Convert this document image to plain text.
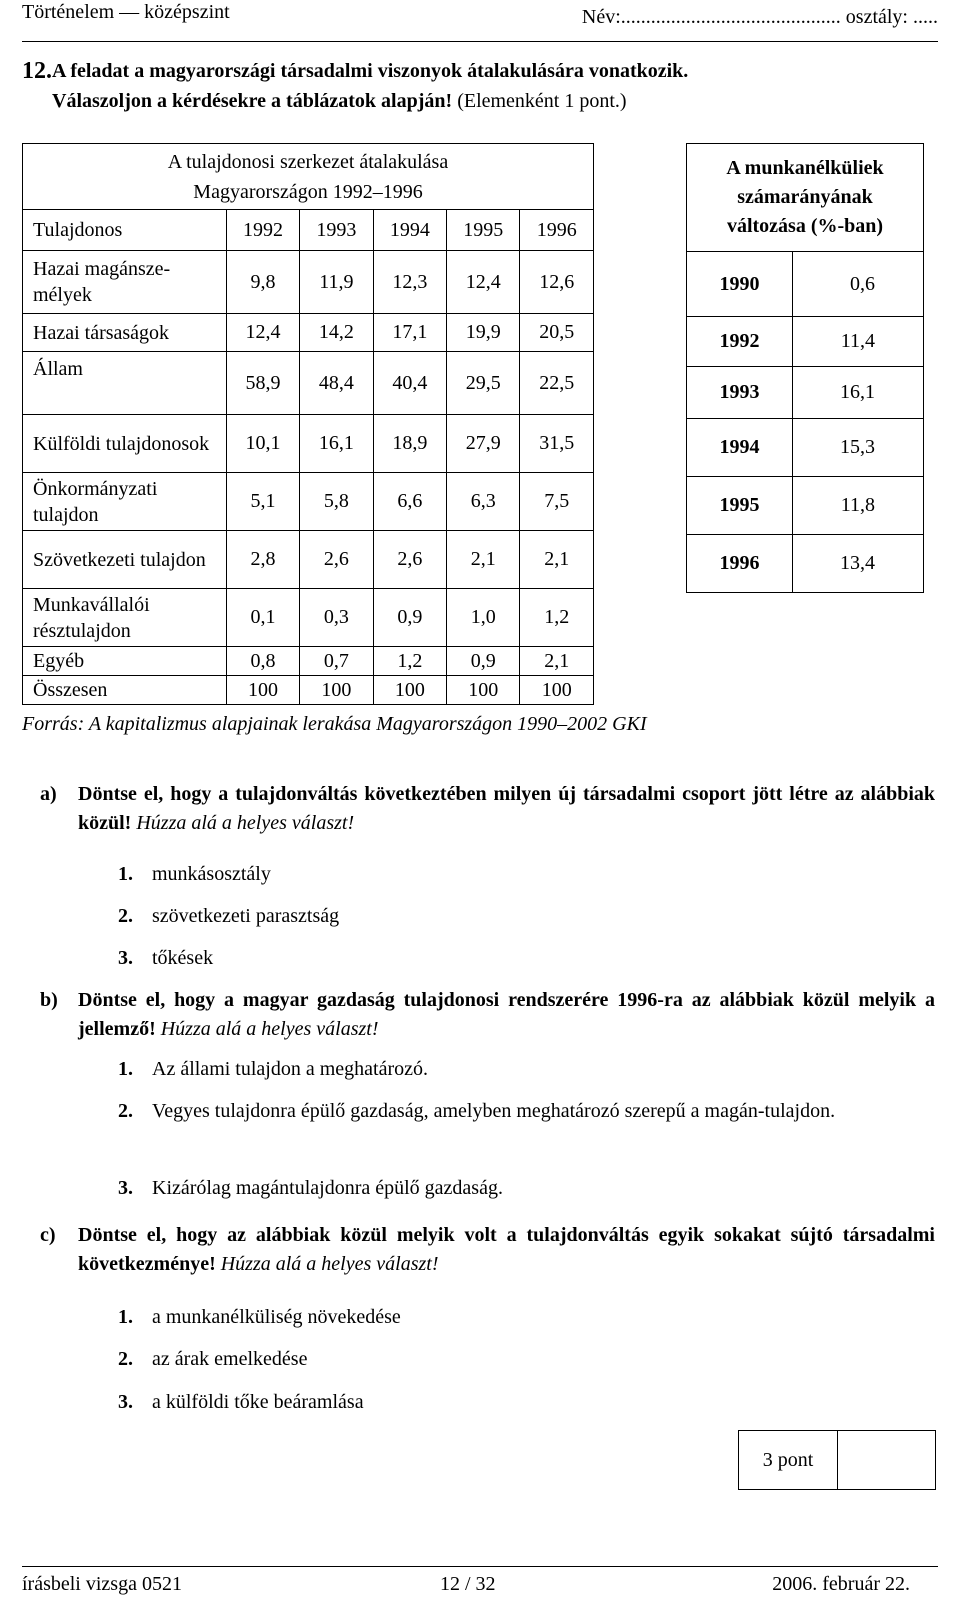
Történelem — középszint	Név:............................................ osztály: .....
12. A feladat a magyarországi társadalmi viszonyok átalakulására vonatkozik.
Válaszoljon a kérdésekre a táblázatok alapján! (Elemenként 1 pont.)
A tulajdonosi szerkezet átalakulása
Magyarországon 1992–1996					

Tulajdonos	1992	1993	1994	1995	1996
Hazai magánsze-mélyek	9,8	11,9	12,3	12,4	12,6
Hazai társaságok	12,4	14,2	17,1	19,9	20,5
Állam	58,9	48,4	40,4	29,5	22,5
Külföldi tulajdonosok	10,1	16,1	18,9	27,9	31,5
Önkormányzati tulajdon	5,1	5,8	6,6	6,3	7,5
Szövetkezeti tulajdon	2,8	2,6	2,6	2,1	2,1
Munkavállalói résztulajdon	0,1	0,3	0,9	1,0	1,2
Egyéb	0,8	0,7	1,2	0,9	2,1
Összesen	100	100	100	100	100
A munkanélküliek
számarányának
változása (%-ban)	

1990	0,6
1992	11,4
1993	16,1
1994	15,3
1995	11,8
1996	13,4
Forrás: A kapitalizmus alapjainak lerakása Magyarországon 1990–2002 GKI
a) Döntse el, hogy a tulajdonváltás következtében milyen új társadalmi csoport jött létre az alábbiak közül! Húzza alá a helyes választ!
1. munkásosztály
2. szövetkezeti parasztság
3. tőkések
b) Döntse el, hogy a magyar gazdaság tulajdonosi rendszerére 1996-ra az alábbiak közül melyik a jellemző! Húzza alá a helyes választ!
1. Az állami tulajdon a meghatározó.
2. Vegyes tulajdonra épülő gazdaság, amelyben meghatározó szerepű a magán-tulajdon.
3. Kizárólag magántulajdonra épülő gazdaság.
c) Döntse el, hogy az alábbiak közül melyik volt a tulajdonváltás egyik sokakat sújtó társadalmi következménye! Húzza alá a helyes választ!
1. a munkanélküliség növekedése
2. az árak emelkedése
3. a külföldi tőke beáramlása
3 pont	
írásbeli vizsga 0521	12 / 32	2006. február 22.
